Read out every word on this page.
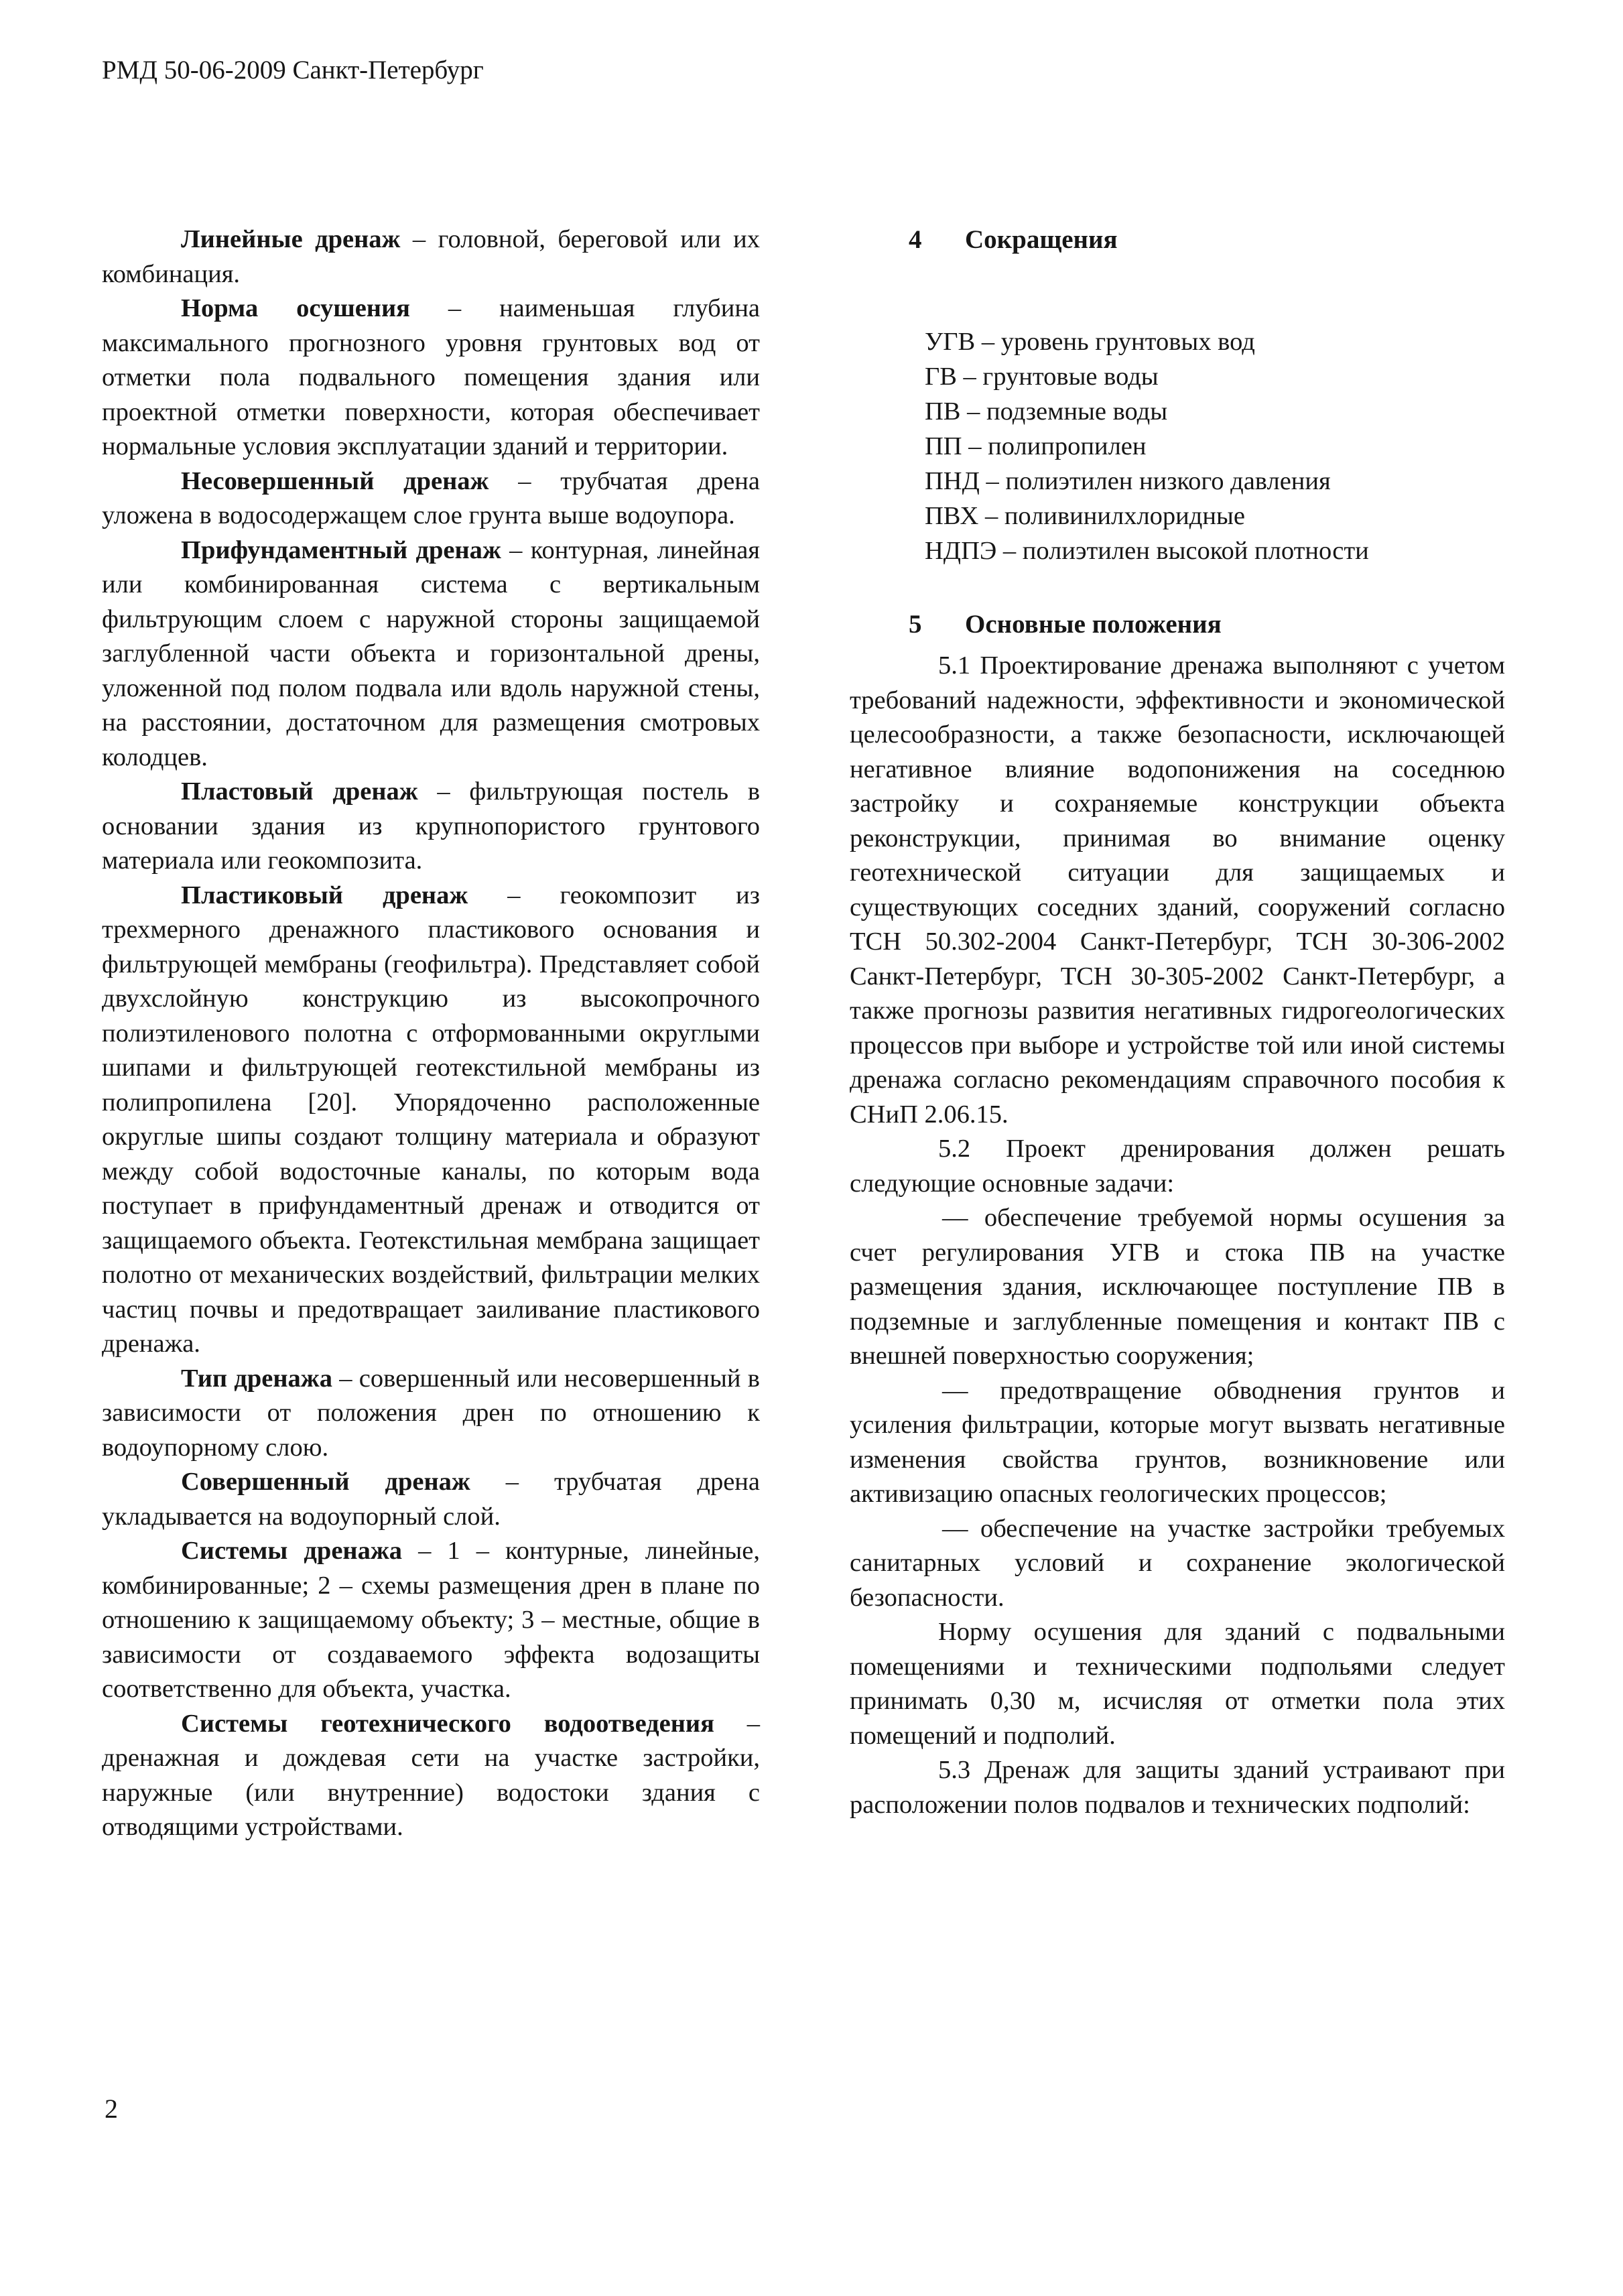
РМД 50-06-2009 Санкт-Петербург

Линейные дренаж – головной, береговой или их комбинация.

Норма осушения – наименьшая глубина максимального прогнозного уровня грунтовых вод от отметки пола подвального помещения здания или проектной отметки поверхности, которая обеспечивает нормальные условия эксплуатации зданий и территории.

Несовершенный дренаж – трубчатая дрена уложена в водосодержащем слое грунта выше водоупора.

Прифундаментный дренаж – контурная, линейная или комбинированная система с вертикальным фильтрующим слоем с наружной стороны защищаемой заглубленной части объекта и горизонтальной дрены, уложенной под полом подвала или вдоль наружной стены, на расстоянии, достаточном для размещения смотровых колодцев.

Пластовый дренаж – фильтрующая постель в основании здания из крупнопористого грунтового материала или геокомпозита.

Пластиковый дренаж – геокомпозит из трехмерного дренажного пластикового основания и фильтрующей мембраны (геофильтра). Представляет собой двухслойную конструкцию из высокопрочного полиэтиленового полотна с отформованными округлыми шипами и фильтрующей геотекстильной мембраны из полипропилена [20]. Упорядоченно расположенные округлые шипы создают толщину материала и образуют между собой водосточные каналы, по которым вода поступает в прифундаментный дренаж и отводится от защищаемого объекта. Геотекстильная мембрана защищает полотно от механических воздействий, фильтрации мелких частиц почвы и предотвращает заиливание пластикового дренажа.

Тип дренажа – совершенный или несовершенный в зависимости от положения дрен по отношению к водоупорному слою.

Совершенный дренаж – трубчатая дрена укладывается на водоупорный слой.

Системы дренажа – 1 – контурные, линейные, комбинированные; 2 – схемы размещения дрен в плане по отношению к защищаемому объекту; 3 – местные, общие в зависимости от создаваемого эффекта водозащиты соответственно для объекта, участка.

Системы геотехнического водоотведения – дренажная и дождевая сети на участке застройки, наружные (или внутренние) водостоки здания с отводящими устройствами.

4	Сокращения
УГВ – уровень грунтовых вод
ГВ – грунтовые воды
ПВ – подземные воды
ПП – полипропилен
ПНД – полиэтилен низкого давления
ПВХ – поливинилхлоридные
НДПЭ – полиэтилен высокой плотности
5	Основные положения

5.1 Проектирование дренажа выполняют с учетом требований надежности, эффективности и экономической целесообразности, а также безопасности, исключающей негативное влияние водопонижения на соседнюю застройку и сохраняемые конструкции объекта реконструкции, принимая во внимание оценку геотехнической ситуации для защищаемых и существующих соседних зданий, сооружений согласно ТСН 50.302-2004 Санкт-Петербург, ТСН 30-306-2002 Санкт-Петербург, ТСН 30-305-2002 Санкт-Петербург, а также прогнозы развития негативных гидрогеологических процессов при выборе и устройстве той или иной системы дренажа согласно рекомендациям справочного пособия к СНиП 2.06.15.

5.2 Проект дренирования должен решать следующие основные задачи:

— обеспечение требуемой нормы осушения за счет регулирования УГВ и стока ПВ на участке размещения здания, исключающее поступление ПВ в подземные и заглубленные помещения и контакт ПВ с внешней поверхностью сооружения;

— предотвращение обводнения грунтов и усиления фильтрации, которые могут вызвать негативные изменения свойства грунтов, возникновение или активизацию опасных геологических процессов;

— обеспечение на участке застройки требуемых санитарных условий и сохранение экологической безопасности.

Норму осушения для зданий с подвальными помещениями и техническими подпольями следует принимать 0,30 м, исчисляя от отметки пола этих помещений и подполий.

5.3 Дренаж для защиты зданий устраивают при расположении полов подвалов и технических подполий:

2
